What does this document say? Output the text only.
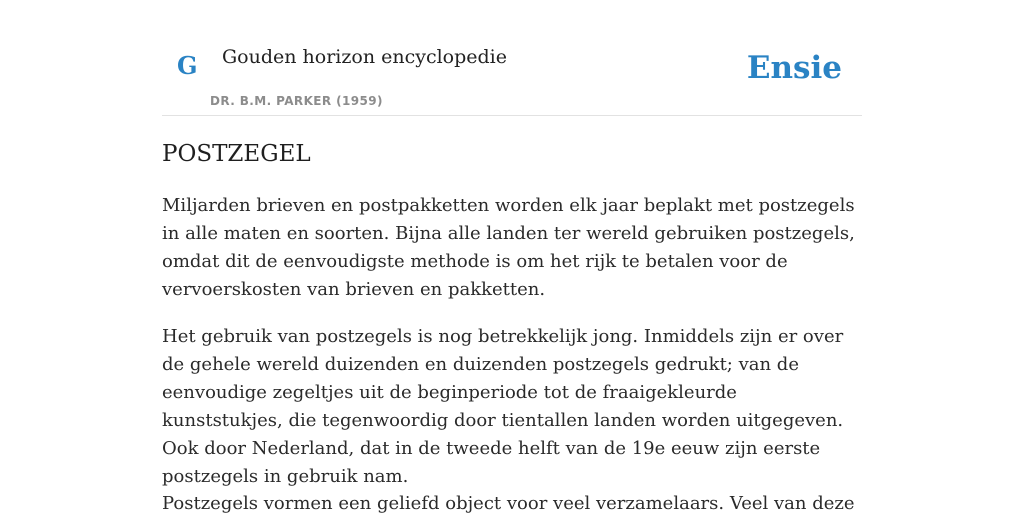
G Gouden horizon encyclopedie
DR. B.M. PARKER (1959)
Ensie
POSTZEGEL

Miljarden brieven en postpakketten worden elk jaar beplakt met postzegels in alle maten en soorten. Bijna alle landen ter wereld gebruiken postzegels, omdat dit de eenvoudigste methode is om het rijk te betalen voor de vervoerskosten van brieven en pakketten.

Het gebruik van postzegels is nog betrekkelijk jong. Inmiddels zijn er over de gehele wereld duizenden en duizenden postzegels gedrukt; van de eenvoudige zegeltjes uit de beginperiode tot de fraaigekleurde kunststukjes, die tegenwoordig door tientallen landen worden uitgegeven. Ook door Nederland, dat in de tweede helft van de 19e eeuw zijn eerste postzegels in gebruik nam.

Postzegels vormen een geliefd object voor veel verzamelaars. Veel van deze
